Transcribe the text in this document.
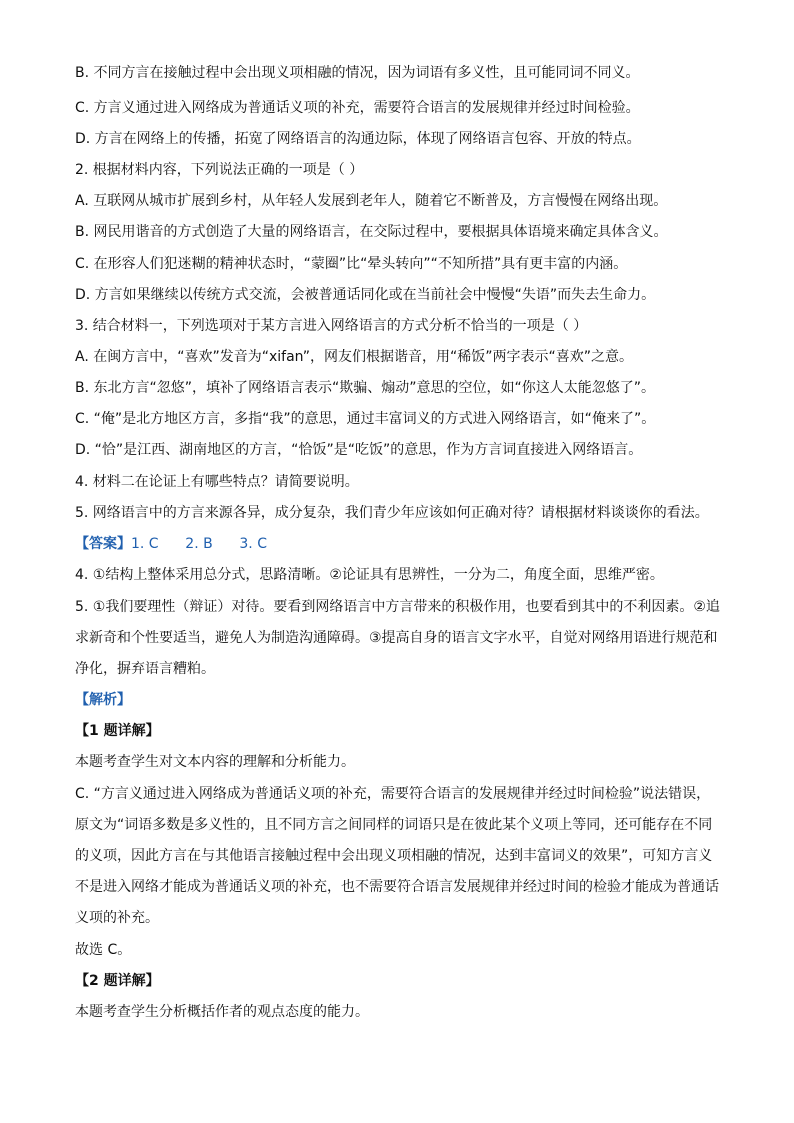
B. 不同方言在接触过程中会出现义项相融的情况，因为词语有多义性，且可能同词不同义。
C. 方言义通过进入网络成为普通话义项的补充，需要符合语言的发展规律并经过时间检验。
D. 方言在网络上的传播，拓宽了网络语言的沟通边际，体现了网络语言包容、开放的特点。
2. 根据材料内容，下列说法正确的一项是（ ）
A. 互联网从城市扩展到乡村，从年轻人发展到老年人，随着它不断普及，方言慢慢在网络出现。
B. 网民用谐音的方式创造了大量的网络语言，在交际过程中，要根据具体语境来确定具体含义。
C. 在形容人们犯迷糊的精神状态时，“蒙圈”比“晕头转向”“不知所措”具有更丰富的内涵。
D. 方言如果继续以传统方式交流，会被普通话同化或在当前社会中慢慢“失语”而失去生命力。
3. 结合材料一，下列选项对于某方言进入网络语言的方式分析不恰当的一项是（ ）
A. 在闽方言中，“喜欢”发音为“xifan”，网友们根据谐音，用“稀饭”两字表示“喜欢”之意。
B. 东北方言“忽悠”，填补了网络语言表示“欺骗、煽动”意思的空位，如“你这人太能忽悠了”。
C. “俺”是北方地区方言，多指“我”的意思，通过丰富词义的方式进入网络语言，如“俺来了”。
D. “恰”是江西、湖南地区的方言，“恰饭”是“吃饭”的意思，作为方言词直接进入网络语言。
4. 材料二在论证上有哪些特点？请简要说明。
5. 网络语言中的方言来源各异，成分复杂，我们青少年应该如何正确对待？请根据材料谈谈你的看法。
【答案】1. C      2. B      3. C
4. ①结构上整体采用总分式，思路清晰。②论证具有思辨性，一分为二，角度全面，思维严密。
5. ①我们要理性（辩证）对待。要看到网络语言中方言带来的积极作用，也要看到其中的不利因素。②追
求新奇和个性要适当，避免人为制造沟通障碍。③提高自身的语言文字水平，自觉对网络用语进行规范和
净化，摒弃语言糟粕。
【解析】
【1 题详解】
本题考查学生对文本内容的理解和分析能力。
C. “方言义通过进入网络成为普通话义项的补充，需要符合语言的发展规律并经过时间检验”说法错误，
原文为“词语多数是多义性的，且不同方言之间同样的词语只是在彼此某个义项上等同，还可能存在不同
的义项，因此方言在与其他语言接触过程中会出现义项相融的情况，达到丰富词义的效果”，可知方言义
不是进入网络才能成为普通话义项的补充，也不需要符合语言发展规律并经过时间的检验才能成为普通话
义项的补充。
故选 C。
【2 题详解】
本题考查学生分析概括作者的观点态度的能力。
